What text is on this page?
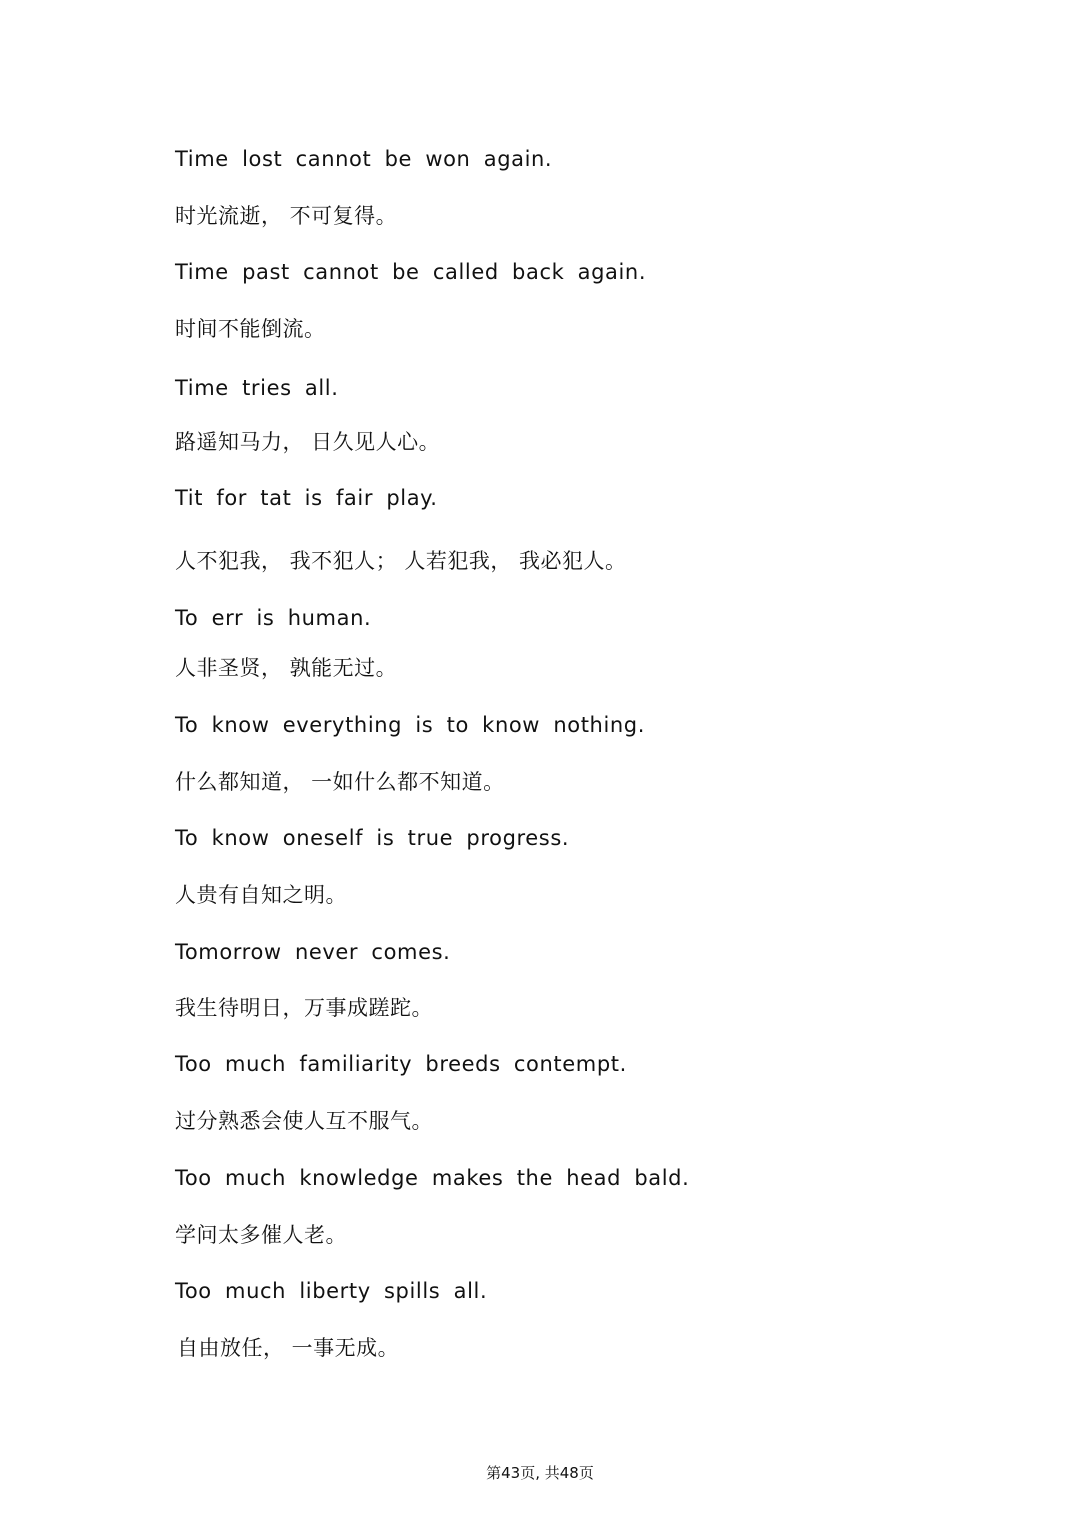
Time lost cannot be won again.
时光流逝， 不可复得。
Time past cannot be called back again.
时间不能倒流。
Time tries all.
路遥知马力， 日久见人心。
Tit for tat is fair play.
人不犯我， 我不犯人； 人若犯我， 我必犯人。
To err is human.
人非圣贤， 孰能无过。
To know everything is to know nothing.
什么都知道， 一如什么都不知道。
To know oneself is true progress.
人贵有自知之明。
Tomorrow never comes.
我生待明日，万事成蹉跎。
Too much familiarity breeds contempt.
过分熟悉会使人互不服气。
Too much knowledge makes the head bald.
学问太多催人老。
Too much liberty spills all.
自由放任， 一事无成。
第43页, 共48页
